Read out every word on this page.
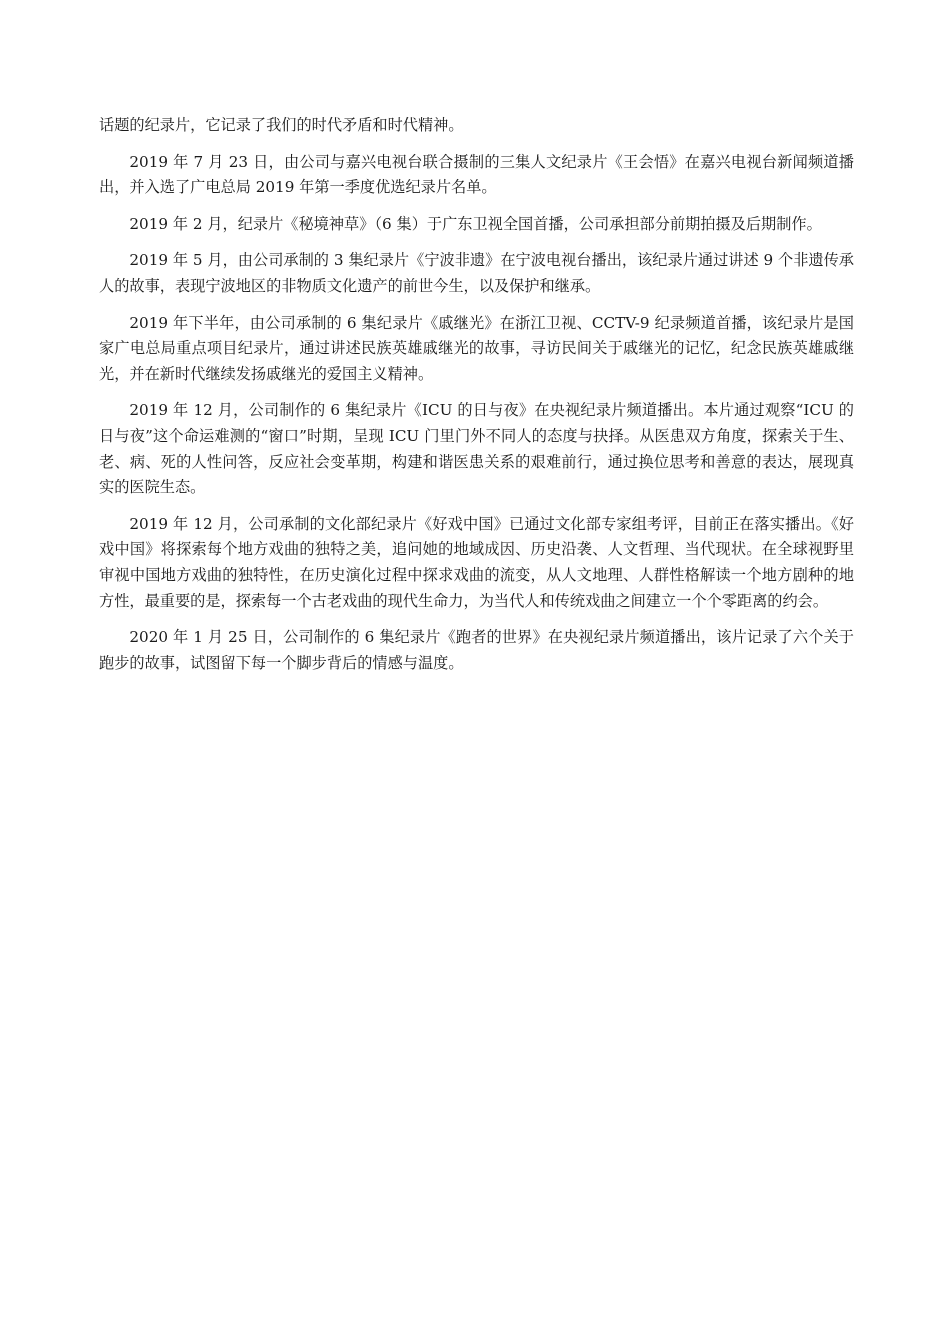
话题的纪录片，它记录了我们的时代矛盾和时代精神。

2019 年 7 月 23 日，由公司与嘉兴电视台联合摄制的三集人文纪录片《王会悟》在嘉兴电视台新闻频道播出，并入选了广电总局 2019 年第一季度优选纪录片名单。

2019 年 2 月，纪录片《秘境神草》（6 集）于广东卫视全国首播，公司承担部分前期拍摄及后期制作。

2019 年 5 月，由公司承制的 3 集纪录片《宁波非遗》在宁波电视台播出，该纪录片通过讲述 9 个非遗传承人的故事，表现宁波地区的非物质文化遗产的前世今生，以及保护和继承。

2019 年下半年，由公司承制的 6 集纪录片《戚继光》在浙江卫视、CCTV-9 纪录频道首播，该纪录片是国家广电总局重点项目纪录片，通过讲述民族英雄戚继光的故事，寻访民间关于戚继光的记忆，纪念民族英雄戚继光，并在新时代继续发扬戚继光的爱国主义精神。

2019 年 12 月，公司制作的 6 集纪录片《ICU 的日与夜》在央视纪录片频道播出。本片通过观察“ICU 的日与夜”这个命运难测的“窗口”时期，呈现 ICU 门里门外不同人的态度与抉择。从医患双方角度，探索关于生、老、病、死的人性问答，反应社会变革期，构建和谐医患关系的艰难前行，通过换位思考和善意的表达，展现真实的医院生态。

2019 年 12 月，公司承制的文化部纪录片《好戏中国》已通过文化部专家组考评，目前正在落实播出。《好戏中国》将探索每个地方戏曲的独特之美，追问她的地域成因、历史沿袭、人文哲理、当代现状。在全球视野里审视中国地方戏曲的独特性，在历史演化过程中探求戏曲的流变，从人文地理、人群性格解读一个地方剧种的地方性，最重要的是，探索每一个古老戏曲的现代生命力，为当代人和传统戏曲之间建立一个个零距离的约会。

2020 年 1 月 25 日，公司制作的 6 集纪录片《跑者的世界》在央视纪录片频道播出，该片记录了六个关于跑步的故事，试图留下每一个脚步背后的情感与温度。
